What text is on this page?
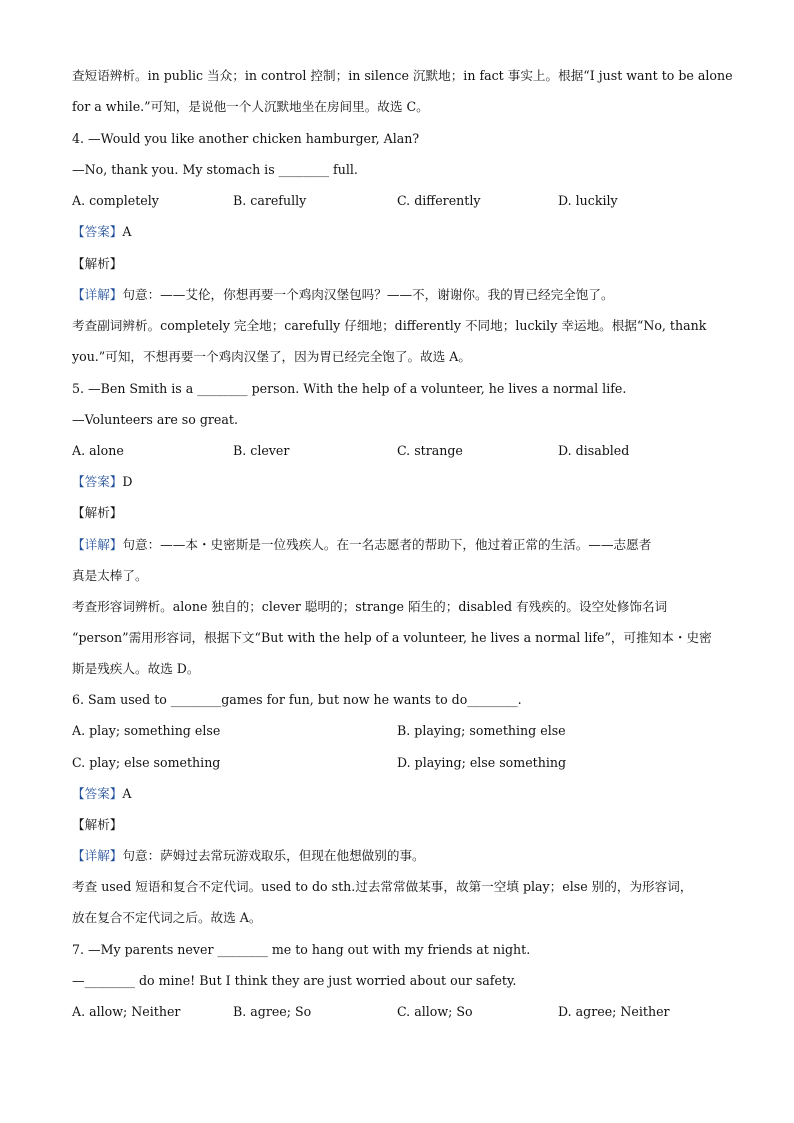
查短语辨析。in public 当众；in control 控制；in silence 沉默地；in fact 事实上。根据“I just want to be alone
for a while.”可知，是说他一个人沉默地坐在房间里。故选 C。
4. —Would you like another chicken hamburger, Alan?
—No, thank you. My stomach is ________ full.
A. completely	B. carefully	C. differently	D. luckily
【答案】A
【解析】
【详解】句意：——艾伦，你想再要一个鸡肉汉堡包吗？——不，谢谢你。我的胃已经完全饱了。
考查副词辨析。completely 完全地；carefully 仔细地；differently 不同地；luckily 幸运地。根据“No, thank
you.”可知，不想再要一个鸡肉汉堡了，因为胃已经完全饱了。故选 A。
5. —Ben Smith is a ________ person. With the help of a volunteer, he lives a normal life.
—Volunteers are so great.
A. alone	B. clever	C. strange	D. disabled
【答案】D
【解析】
【详解】句意：——本・史密斯是一位残疾人。在一名志愿者的帮助下，他过着正常的生活。——志愿者
真是太棒了。
考查形容词辨析。alone 独自的；clever 聪明的；strange 陌生的；disabled 有残疾的。设空处修饰名词
“person”需用形容词，根据下文“But with the help of a volunteer, he lives a normal life”，可推知本・史密
斯是残疾人。故选 D。
6. Sam used to ________games for fun, but now he wants to do________.
A. play; something else	B. playing; something else
C. play; else something	D. playing; else something
【答案】A
【解析】
【详解】句意：萨姆过去常玩游戏取乐，但现在他想做别的事。
考查 used 短语和复合不定代词。used to do sth.过去常常做某事，故第一空填 play；else 别的，为形容词，
放在复合不定代词之后。故选 A。
7. —My parents never ________ me to hang out with my friends at night.
—________ do mine! But I think they are just worried about our safety.
A. allow; Neither	B. agree; So	C. allow; So	D. agree; Neither
